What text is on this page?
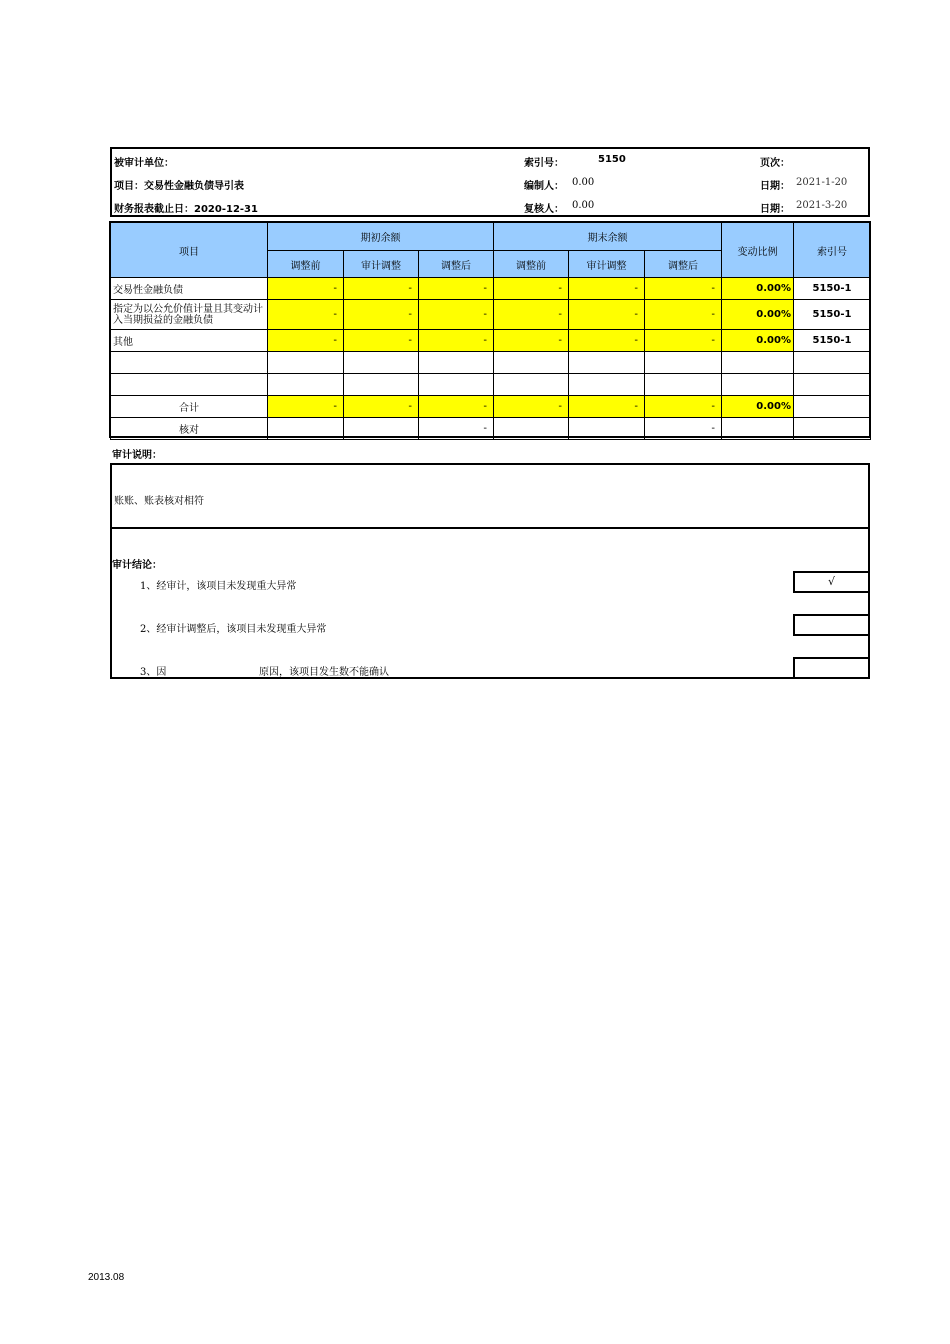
被审计单位：	索引号：	5150	页次：
项目：交易性金融负债导引表	编制人： 0.00	日期： 2021-1-20
财务报表截止日：2020-12-31	复核人： 0.00	日期： 2021-3-20
项目	期初余额			期末余额			变动比例	索引号
	调整前	审计调整	调整后	调整前	审计调整	调整后		
交易性金融负债	-	-	-	-	-	-	0.00%	5150-1
指定为以公允价值计量且其变动计入当期损益的金融负债	-	-	-	-	-	-	0.00%	5150-1
其他	-	-	-	-	-	-	0.00%	5150-1

合计	-	-	-	-	-	-	0.00%	
核对			-			-		
审计说明：
账账、账表核对相符
审计结论：
1、经审计，该项目未发现重大异常	√
2、经审计调整后，该项目未发现重大异常
3、因	原因，该项目发生数不能确认
2013.08
